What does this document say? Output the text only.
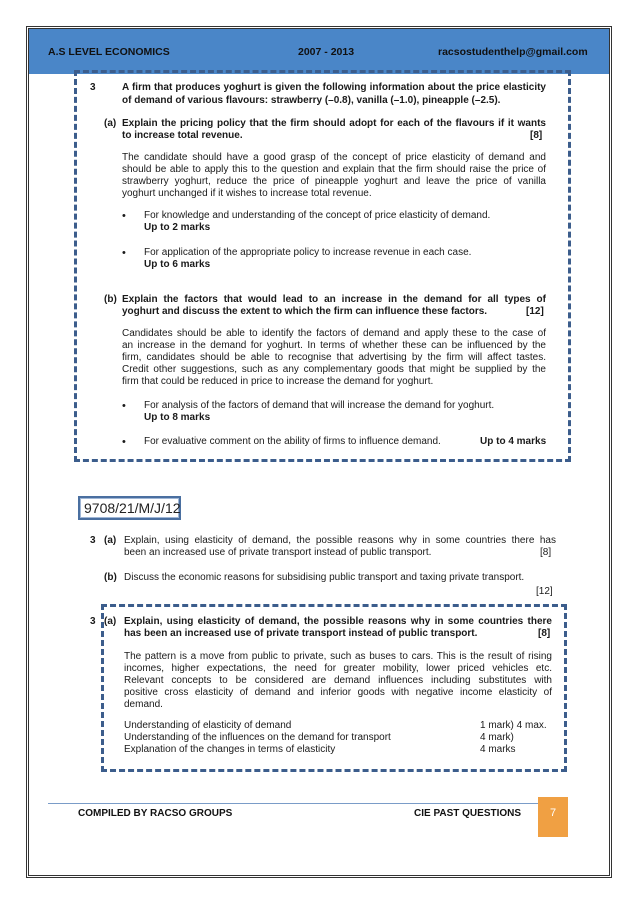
A.S LEVEL ECONOMICS	2007 - 2013	racsostudenthelp@gmail.com
3	A firm that produces yoghurt is given the following information about the price elasticity
of demand of various flavours: strawberry (–0.8), vanilla (–1.0), pineapple (–2.5).
(a) Explain the pricing policy that the firm should adopt for each of the flavours if it wants
to increase total revenue.	[8]
The candidate should have a good grasp of the concept of price elasticity of demand and
should be able to apply this to the question and explain that the firm should raise the price of
strawberry yoghurt, reduce the price of pineapple yoghurt and leave the price of vanilla
yoghurt unchanged if it wishes to increase total revenue.
• For knowledge and understanding of the concept of price elasticity of demand.
Up to 2 marks
• For application of the appropriate policy to increase revenue in each case.
Up to 6 marks
(b) Explain the factors that would lead to an increase in the demand for all types of
yoghurt and discuss the extent to which the firm can influence these factors.	[12]
Candidates should be able to identify the factors of demand and apply these to the case of
an increase in the demand for yoghurt. In terms of whether these can be influenced by the
firm, candidates should be able to recognise that advertising by the firm will affect tastes.
Credit other suggestions, such as any complementary goods that might be supplied by the
firm that could be reduced in price to increase the demand for yoghurt.
• For analysis of the factors of demand that will increase the demand for yoghurt.
Up to 8 marks
• For evaluative comment on the ability of firms to influence demand.	Up to 4 marks
9708/21/M/J/12
3 (a) Explain, using elasticity of demand, the possible reasons why in some countries there has
been an increased use of private transport instead of public transport.	[8]
(b) Discuss the economic reasons for subsidising public transport and taxing private transport.
[12]
3 (a) Explain, using elasticity of demand, the possible reasons why in some countries there
has been an increased use of private transport instead of public transport.	[8]
The pattern is a move from public to private, such as buses to cars. This is the result of rising
incomes, higher expectations, the need for greater mobility, lower priced vehicles etc.
Relevant concepts to be considered are demand influences including substitutes with
positive cross elasticity of demand and inferior goods with negative income elasticity of
demand.
Understanding of elasticity of demand	1 mark) 4 max.
Understanding of the influences on the demand for transport	4 mark)
Explanation of the changes in terms of elasticity	4 marks
COMPILED BY RACSO GROUPS	CIE PAST QUESTIONS	7
